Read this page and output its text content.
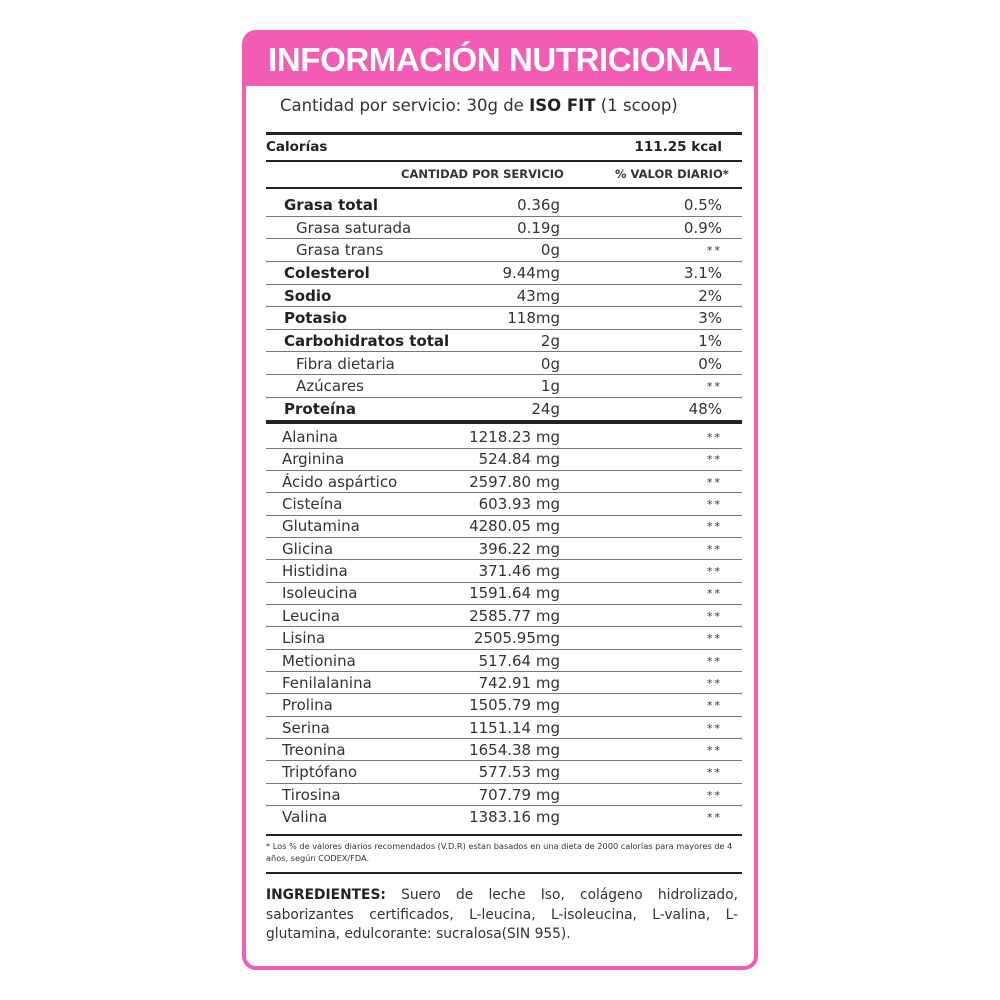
INFORMACIÓN NUTRICIONAL
Cantidad por servicio: 30g de ISO FIT (1 scoop)
Calorías	111.25 kcal
CANTIDAD POR SERVICIO	% VALOR DIARIO*
Grasa total	0.36g	0.5%
Grasa saturada	0.19g	0.9%
Grasa trans	0g	**
Colesterol	9.44mg	3.1%
Sodio	43mg	2%
Potasio	118mg	3%
Carbohidratos total	2g	1%
Fibra dietaria	0g	0%
Azúcares	1g	**
Proteína	24g	48%
Alanina	1218.23 mg	**
Arginina	524.84 mg	**
Ácido aspártico	2597.80 mg	**
Cisteína	603.93 mg	**
Glutamina	4280.05 mg	**
Glicina	396.22 mg	**
Histidina	371.46 mg	**
Isoleucina	1591.64 mg	**
Leucina	2585.77 mg	**
Lisina	2505.95mg	**
Metionina	517.64 mg	**
Fenilalanina	742.91 mg	**
Prolina	1505.79 mg	**
Serina	1151.14 mg	**
Treonina	1654.38 mg	**
Triptófano	577.53 mg	**
Tirosina	707.79 mg	**
Valina	1383.16 mg	**
* Los % de valores diarios recomendados (V.D.R) estan basados en una dieta de 2000 calorías para mayores de 4 años, según CODEX/FDA.
INGREDIENTES: Suero de leche Iso, colágeno hidrolizado, saborizantes certificados, L-leucina, L-isoleucina, L-valina, L-glutamina, edulcorante: sucralosa(SIN 955).
